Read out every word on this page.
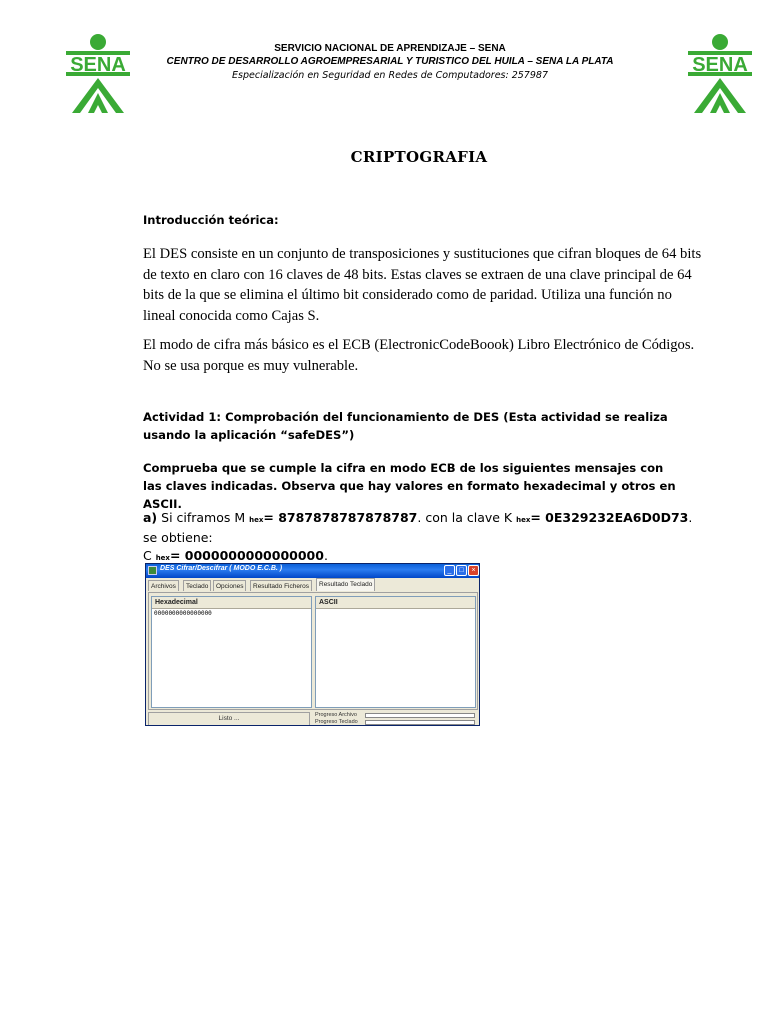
SENA	SENA
SERVICIO NACIONAL DE APRENDIZAJE – SENA
CENTRO DE DESARROLLO AGROEMPRESARIAL Y TURISTICO DEL HUILA – SENA LA PLATA
Especialización en Seguridad en Redes de Computadores: 257987
CRIPTOGRAFIA
Introducción teórica:
El DES consiste en un conjunto de transposiciones y sustituciones que cifran bloques de 64 bits de texto en claro con 16 claves de 48 bits. Estas claves se extraen de una clave principal de 64 bits de la que se elimina el último bit considerado como de paridad. Utiliza una función no lineal conocida como Cajas S.
El modo de cifra más básico es el ECB (ElectronicCodeBoook) Libro Electrónico de Códigos. No se usa porque es muy vulnerable.
Actividad 1: Comprobación del funcionamiento de DES (Esta actividad se realiza usando la aplicación “safeDES”)
Comprueba que se cumple la cifra en modo ECB de los siguientes mensajes con las claves indicadas. Observa que hay valores en formato hexadecimal y otros en ASCII.
a) Si ciframos M hex= 8787878787878787. con la clave K hex= 0E329232EA6D0D73. se obtiene:
C hex= 0000000000000000.
DES Cifrar/Descifrar ( MODO E.C.B. )	_	□	×
Archivos	Teclado	Opciones	Resultado Ficheros	Resultado Teclado
Hexadecimal
0000000000000000
ASCII
Listo ...	Progreso Archivo
Progreso Teclado
